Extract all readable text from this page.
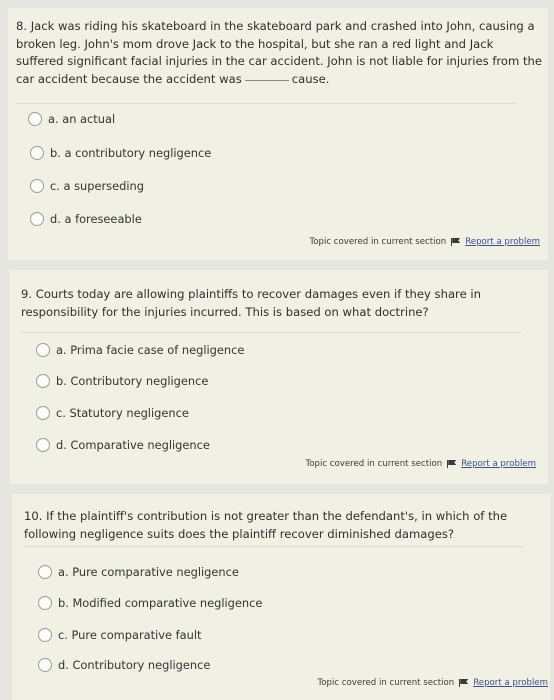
8. Jack was riding his skateboard in the skateboard park and crashed into John, causing a broken leg. John's mom drove Jack to the hospital, but she ran a red light and Jack suffered significant facial injuries in the car accident. John is not liable for injuries from the car accident because the accident was	cause.

a. an actual
b. a contributory negligence
c. a superseding
d. a foreseeable
Topic covered in current section Report a problem

9. Courts today are allowing plaintiffs to recover damages even if they share in responsibility for the injuries incurred. This is based on what doctrine?

a. Prima facie case of negligence
b. Contributory negligence
c. Statutory negligence
d. Comparative negligence
Topic covered in current section Report a problem

10. If the plaintiff's contribution is not greater than the defendant's, in which of the following negligence suits does the plaintiff recover diminished damages?

a. Pure comparative negligence
b. Modified comparative negligence
c. Pure comparative fault
d. Contributory negligence
Topic covered in current section Report a problem
